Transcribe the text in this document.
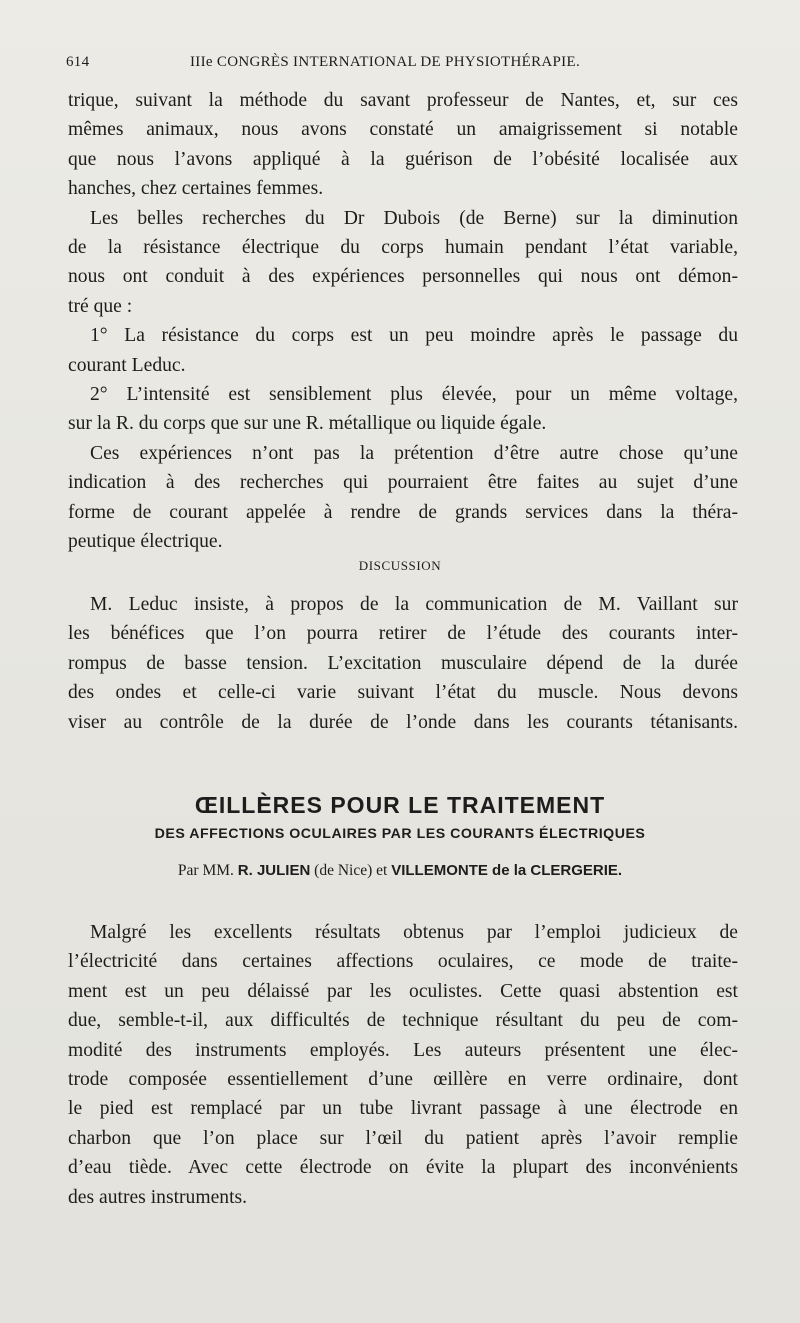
614	IIIe CONGRÈS INTERNATIONAL DE PHYSIOTHÉRAPIE.
trique, suivant la méthode du savant professeur de Nantes, et, sur ces
mêmes animaux, nous avons constaté un amaigrissement si notable
que nous l’avons appliqué à la guérison de l’obésité localisée aux
hanches, chez certaines femmes.
Les belles recherches du Dr Dubois (de Berne) sur la diminution
de la résistance électrique du corps humain pendant l’état variable,
nous ont conduit à des expériences personnelles qui nous ont démon-
tré que :
1° La résistance du corps est un peu moindre après le passage du
courant Leduc.
2° L’intensité est sensiblement plus élevée, pour un même voltage,
sur la R. du corps que sur une R. métallique ou liquide égale.
Ces expériences n’ont pas la prétention d’être autre chose qu’une
indication à des recherches qui pourraient être faites au sujet d’une
forme de courant appelée à rendre de grands services dans la théra-
peutique électrique.
DISCUSSION
M. Leduc insiste, à propos de la communication de M. Vaillant sur
les bénéfices que l’on pourra retirer de l’étude des courants inter-
rompus de basse tension. L’excitation musculaire dépend de la durée
des ondes et celle-ci varie suivant l’état du muscle. Nous devons
viser au contrôle de la durée de l’onde dans les courants tétanisants.
ŒILLÈRES POUR LE TRAITEMENT
DES AFFECTIONS OCULAIRES PAR LES COURANTS ÉLECTRIQUES
Par MM. R. JULIEN (de Nice) et VILLEMONTE de la CLERGERIE.
Malgré les excellents résultats obtenus par l’emploi judicieux de
l’électricité dans certaines affections oculaires, ce mode de traite-
ment est un peu délaissé par les oculistes. Cette quasi abstention est
due, semble-t-il, aux difficultés de technique résultant du peu de com-
modité des instruments employés. Les auteurs présentent une élec-
trode composée essentiellement d’une œillère en verre ordinaire, dont
le pied est remplacé par un tube livrant passage à une électrode en
charbon que l’on place sur l’œil du patient après l’avoir remplie
d’eau tiède. Avec cette électrode on évite la plupart des inconvénients
des autres instruments.
